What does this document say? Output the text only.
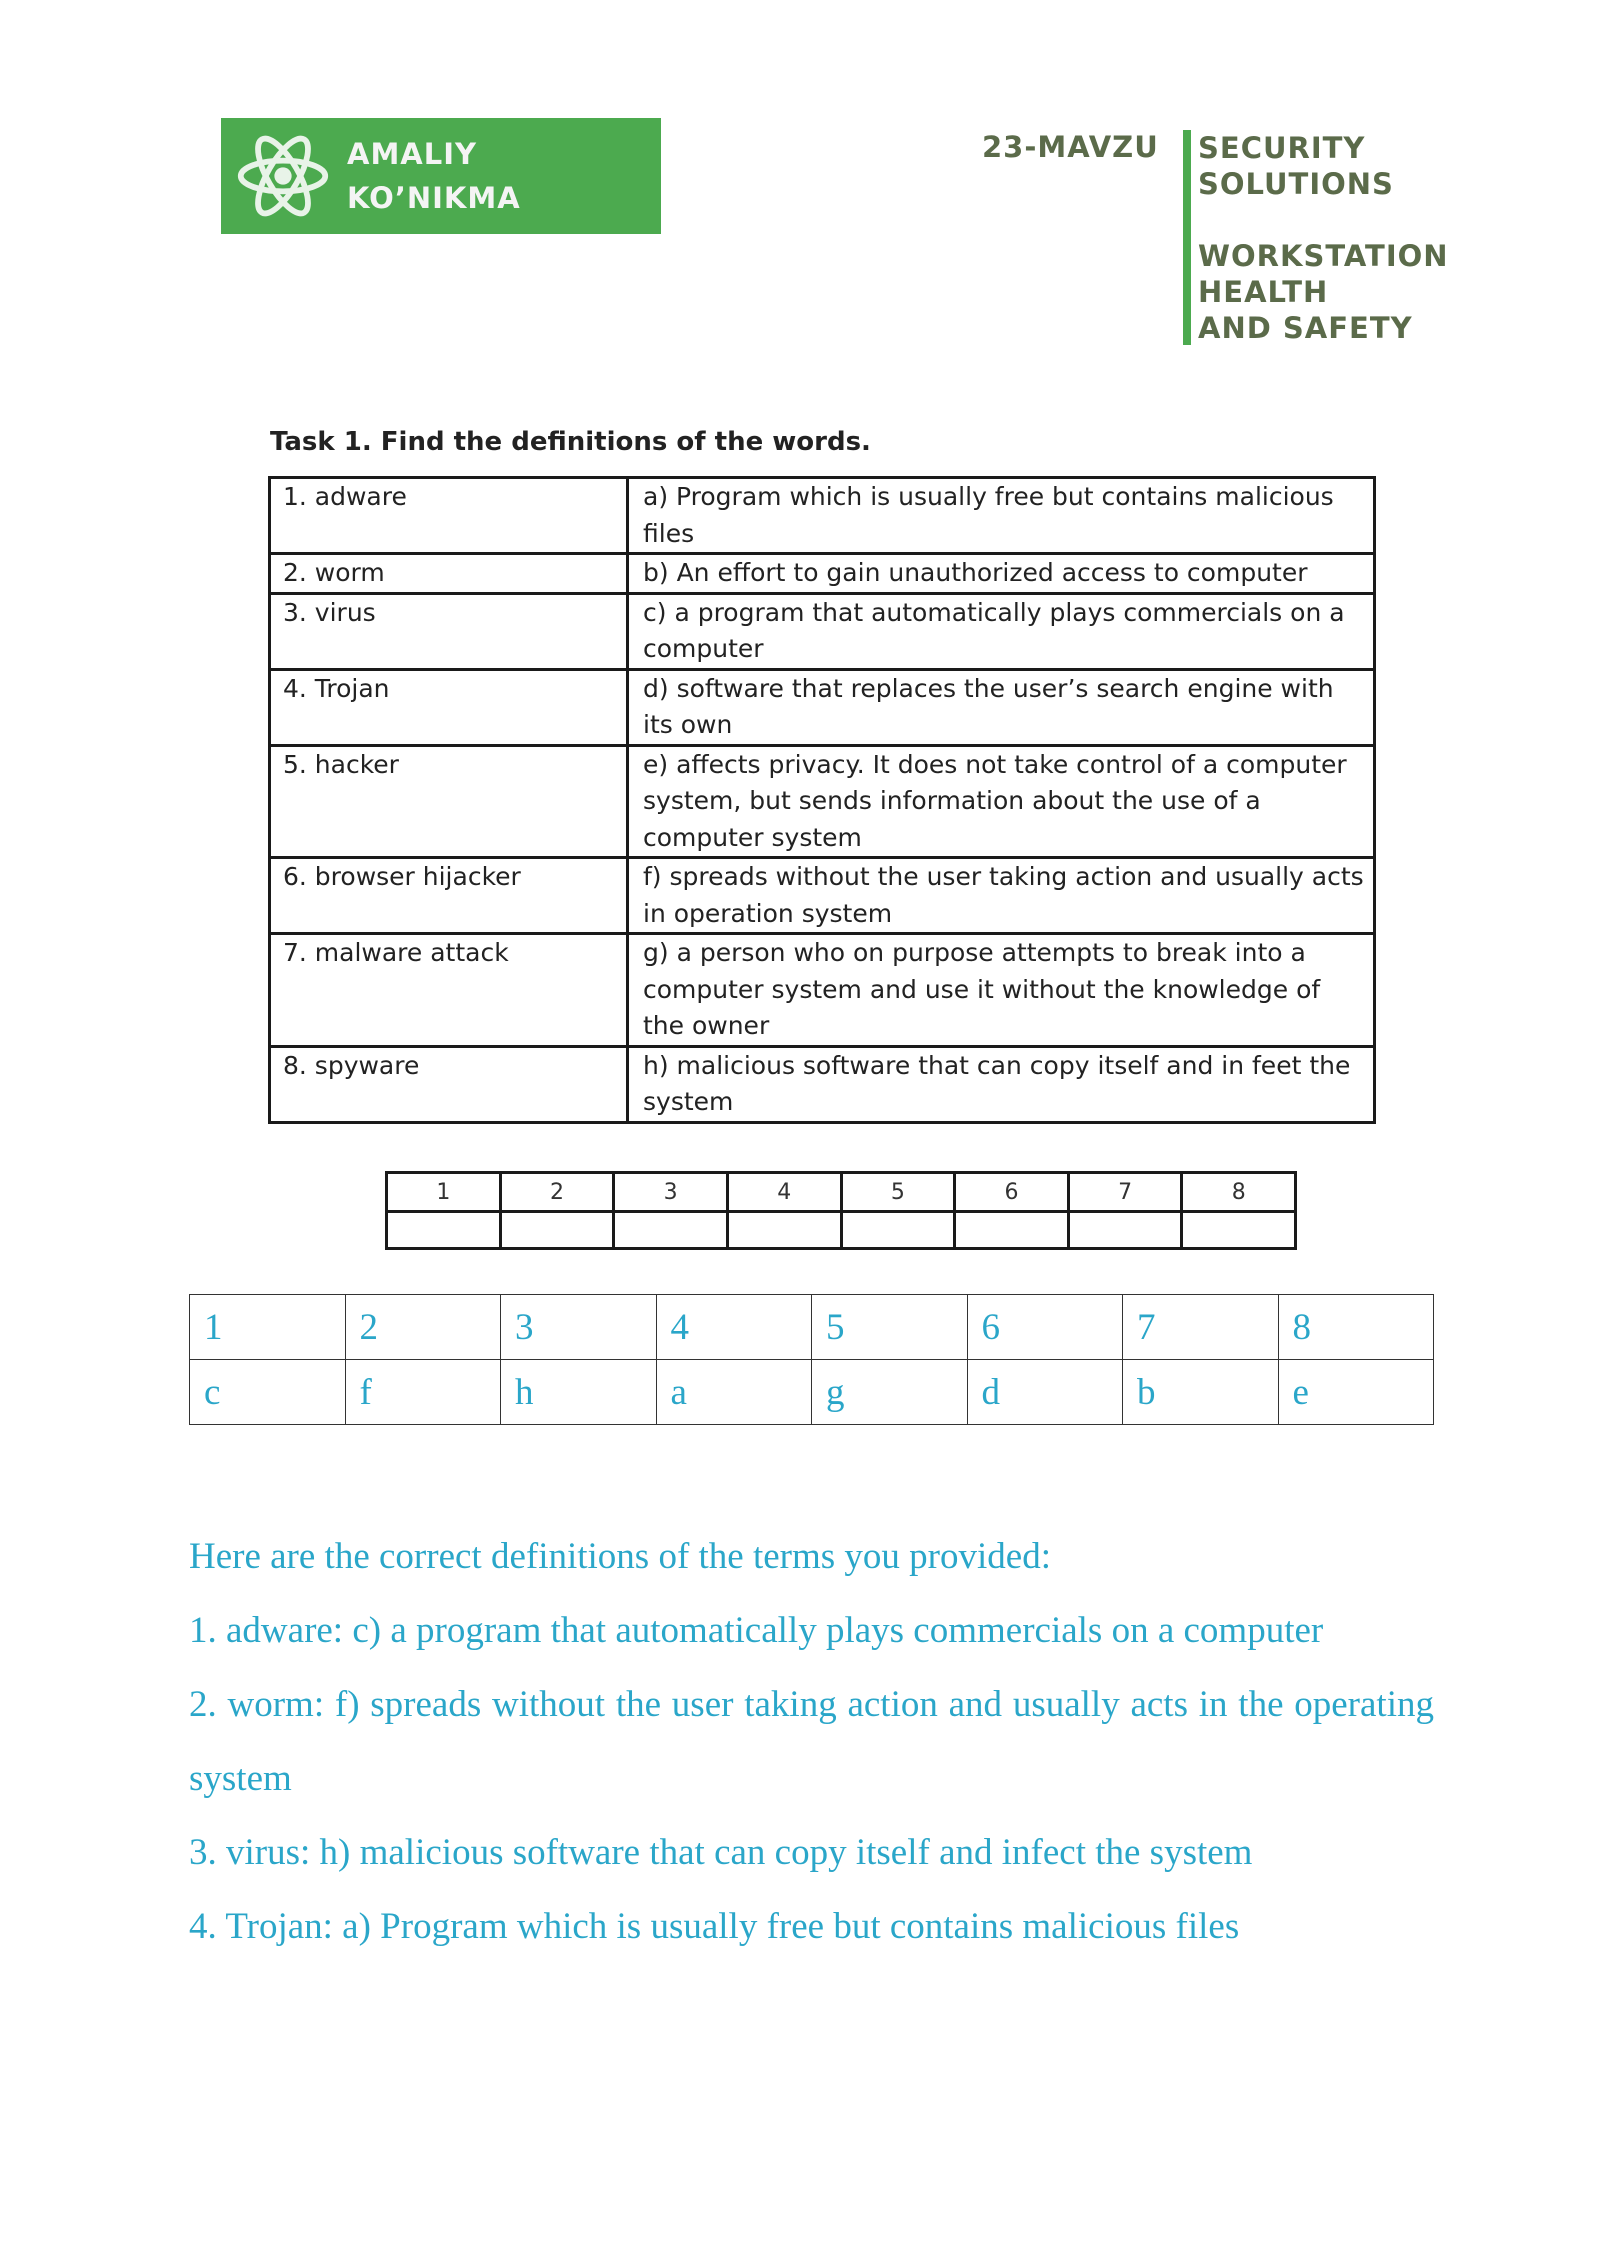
AMALIY
KO’NIKMA
23-MAVZU SECURITY
SOLUTIONS
WORKSTATION
HEALTH
AND SAFETY
Task 1. Find the definitions of the words.
1. adware	a) Program which is usually free but contains malicious files
2. worm	b) An effort to gain unauthorized access to computer
3. virus	c) a program that automatically plays commercials on a computer
4. Trojan	d) software that replaces the user’s search engine with its own
5. hacker	e) affects privacy. It does not take control of a computer system, but sends information about the use of a computer system
6. browser hijacker	f) spreads without the user taking action and usually acts in operation system
7. malware attack	g) a person who on purpose attempts to break into a computer system and use it without the knowledge of the owner
8. spyware	h) malicious software that can copy itself and in feet the system
1	2	3	4	5	6	7	8

1	2	3	4	5	6	7	8
c	f	h	a	g	d	b	e

Here are the correct definitions of the terms you provided:

1. adware: c) a program that automatically plays commercials on a computer

2. worm: f) spreads without the user taking action and usually acts in the operating system

3. virus: h) malicious software that can copy itself and infect the system

4. Trojan: a) Program which is usually free but contains malicious files
